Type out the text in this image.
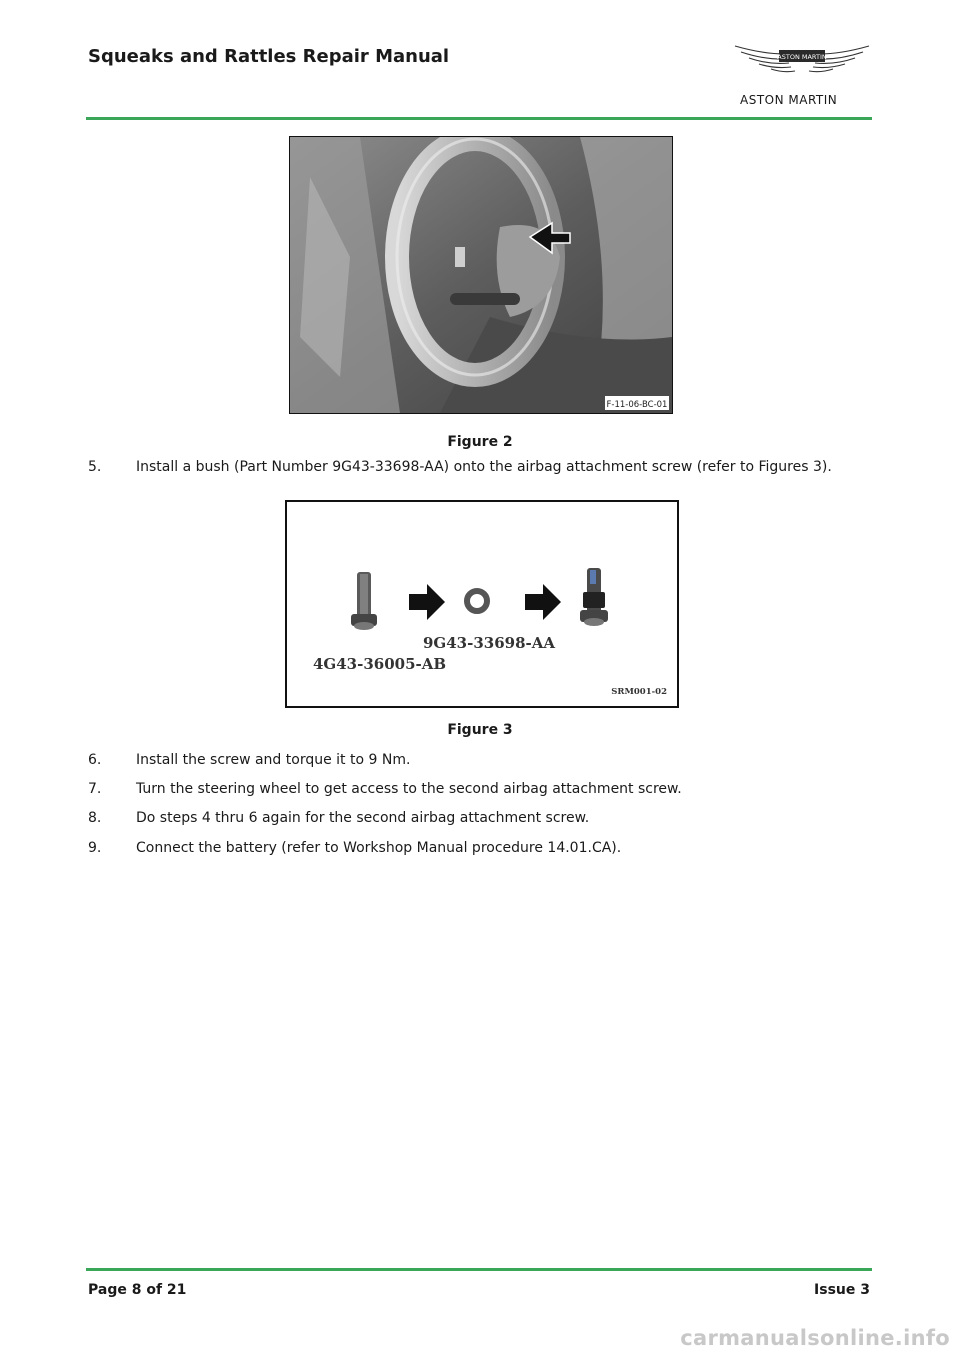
Squeaks and Rattles Repair Manual	ASTON MARTIN
ASTON MARTIN
F-11-06-BC-01
Figure 2
5.	Install a bush (Part Number 9G43-33698-AA) onto the airbag attachment screw (refer to Figures 3).
9G43-33698-AA
4G43-36005-AB
SRM001-02
Figure 3
6.	Install the screw and torque it to 9 Nm.
7.	Turn the steering wheel to get access to the second airbag attachment screw.
8.	Do steps 4 thru 6 again for the second airbag attachment screw.
9.	Connect the battery (refer to Workshop Manual procedure 14.01.CA).
Page 8 of 21	Issue 3
carmanualsonline.info
